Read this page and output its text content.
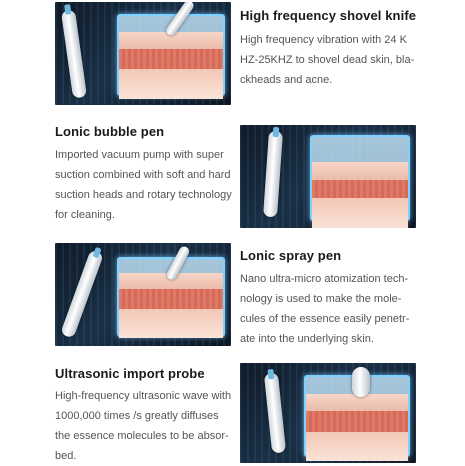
High frequency shovel knife

High frequency vibration with 24 K
HZ-25KHZ to shovel dead skin, bla-
ckheads and acne.

Lonic bubble pen

Imported vacuum pump with super
suction combined with soft and hard
suction heads and rotary technology
for cleaning.

Lonic spray pen

Nano ultra-micro atomization tech-
nology is used to make the mole-
cules of the essence easily penetr-
ate into the underlying skin.

Ultrasonic import probe

High-frequency ultrasonic wave with
1000,000 times /s greatly diffuses
the essence molecules to be absor-
bed.
